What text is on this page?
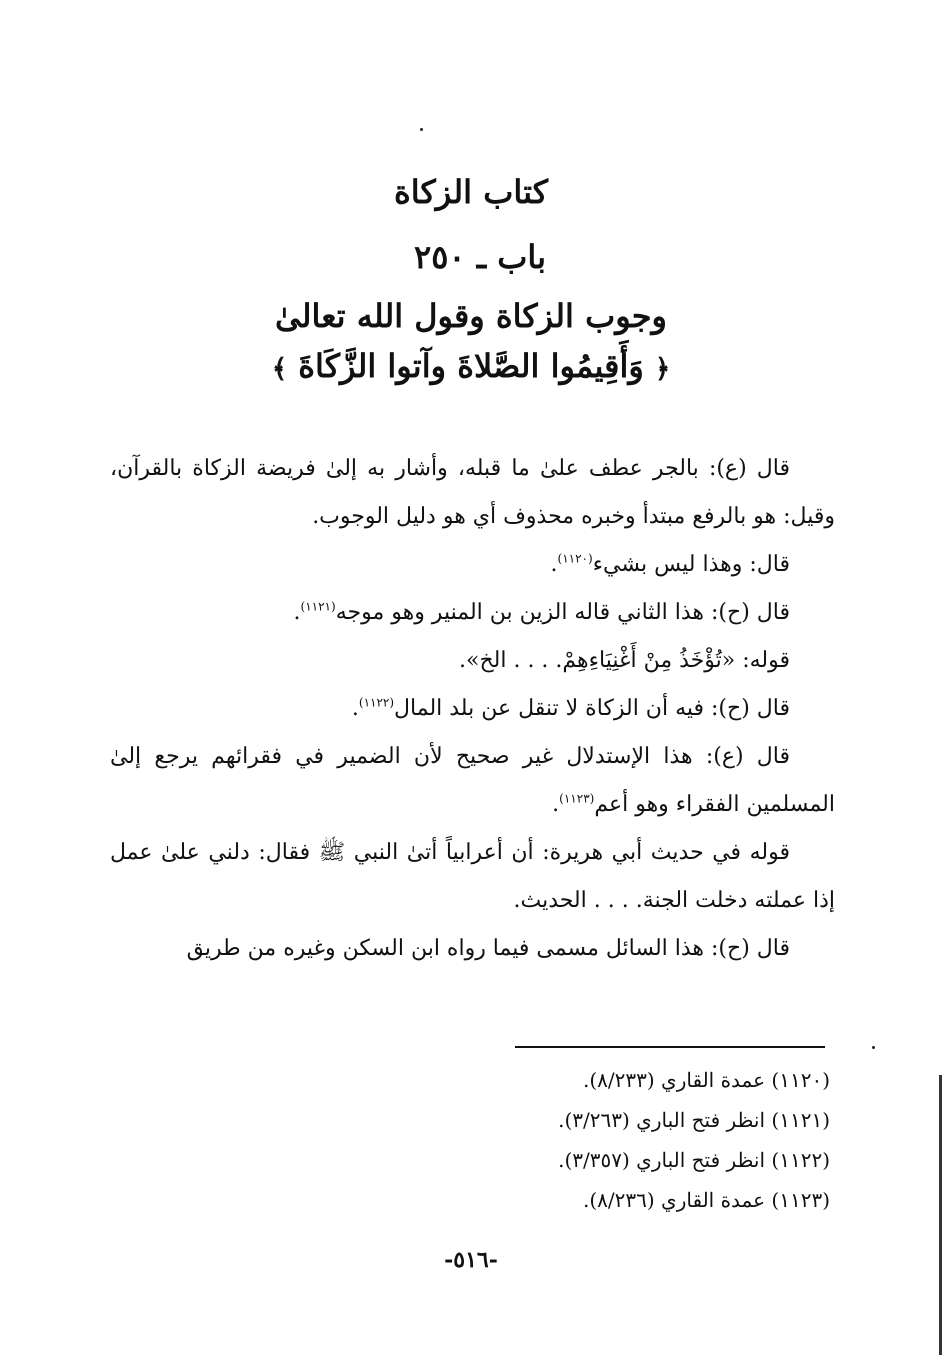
كتاب الزكاة
باب ـ ٢٥٠
وجوب الزكاة وقول الله تعالىٰ
﴿ وَأَقِيمُوا الصَّلاةَ وآتوا الزَّكَاةَ ﴾

قال (ع): بالجر عطف علىٰ ما قبله، وأشار به إلىٰ فريضة الزكاة بالقرآن، وقيل: هو بالرفع مبتدأ وخبره محذوف أي هو دليل الوجوب.

قال: وهذا ليس بشيء$^{(١١٢٠)}$.

قال (ح): هذا الثاني قاله الزين بن المنير وهو موجه$^{(١١٢١)}$.

قوله: «تُؤْخَذُ مِنْ أَغْنِيَاءِهِمْ. . . . الخ».

قال (ح): فيه أن الزكاة لا تنقل عن بلد المال$^{(١١٢٢)}$.

قال (ع): هذا الإستدلال غير صحيح لأن الضمير في فقرائهم يرجع إلىٰ المسلمين الفقراء وهو أعم$^{(١١٢٣)}$.

قوله في حديث أبي هريرة: أن أعرابياً أتىٰ النبي ﷺ فقال: دلني علىٰ عمل إذا عملته دخلت الجنة. . . . الحديث.

قال (ح): هذا السائل مسمى فيما رواه ابن السكن وغيره من طريق

(١١٢٠) عمدة القاري (٨/٢٣٣).
(١١٢١) انظر فتح الباري (٣/٢٦٣).
(١١٢٢) انظر فتح الباري (٣/٣٥٧).
(١١٢٣) عمدة القاري (٨/٢٣٦).
-٥١٦-
